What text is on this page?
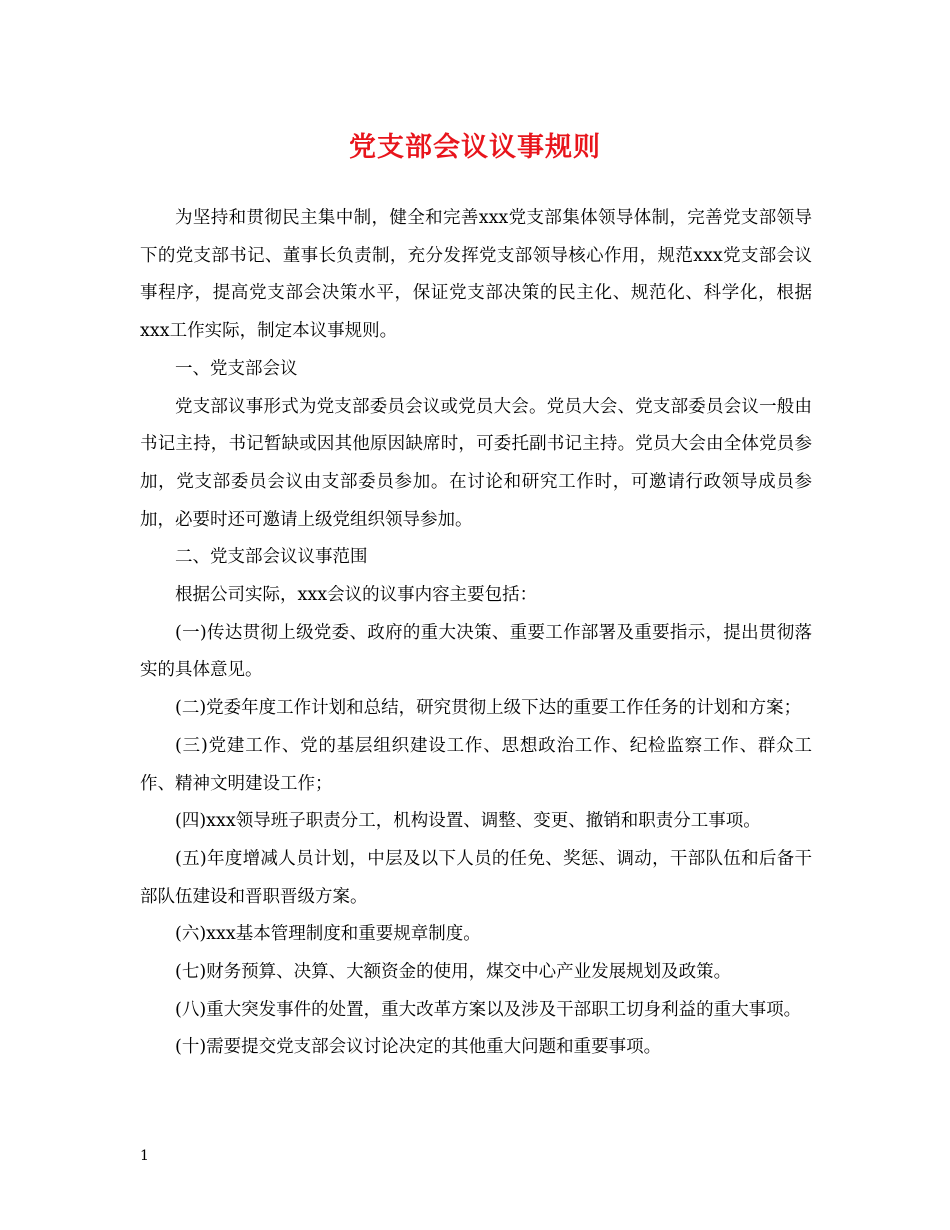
党支部会议议事规则

为坚持和贯彻民主集中制，健全和完善xxx党支部集体领导体制，完善党支部领导下的党支部书记、董事长负责制，充分发挥党支部领导核心作用，规范xxx党支部会议事程序，提高党支部会决策水平，保证党支部决策的民主化、规范化、科学化，根据xxx工作实际，制定本议事规则。

一、党支部会议

党支部议事形式为党支部委员会议或党员大会。党员大会、党支部委员会议一般由书记主持，书记暂缺或因其他原因缺席时，可委托副书记主持。党员大会由全体党员参加，党支部委员会议由支部委员参加。在讨论和研究工作时，可邀请行政领导成员参加，必要时还可邀请上级党组织领导参加。

二、党支部会议议事范围

根据公司实际，xxx会议的议事内容主要包括：

(一)传达贯彻上级党委、政府的重大决策、重要工作部署及重要指示，提出贯彻落实的具体意见。

(二)党委年度工作计划和总结，研究贯彻上级下达的重要工作任务的计划和方案；

(三)党建工作、党的基层组织建设工作、思想政治工作、纪检监察工作、群众工作、精神文明建设工作；

(四)xxx领导班子职责分工，机构设置、调整、变更、撤销和职责分工事项。

(五)年度增减人员计划，中层及以下人员的任免、奖惩、调动，干部队伍和后备干部队伍建设和晋职晋级方案。

(六)xxx基本管理制度和重要规章制度。

(七)财务预算、决算、大额资金的使用，煤交中心产业发展规划及政策。

(八)重大突发事件的处置，重大改革方案以及涉及干部职工切身利益的重大事项。

(十)需要提交党支部会议讨论决定的其他重大问题和重要事项。

1
